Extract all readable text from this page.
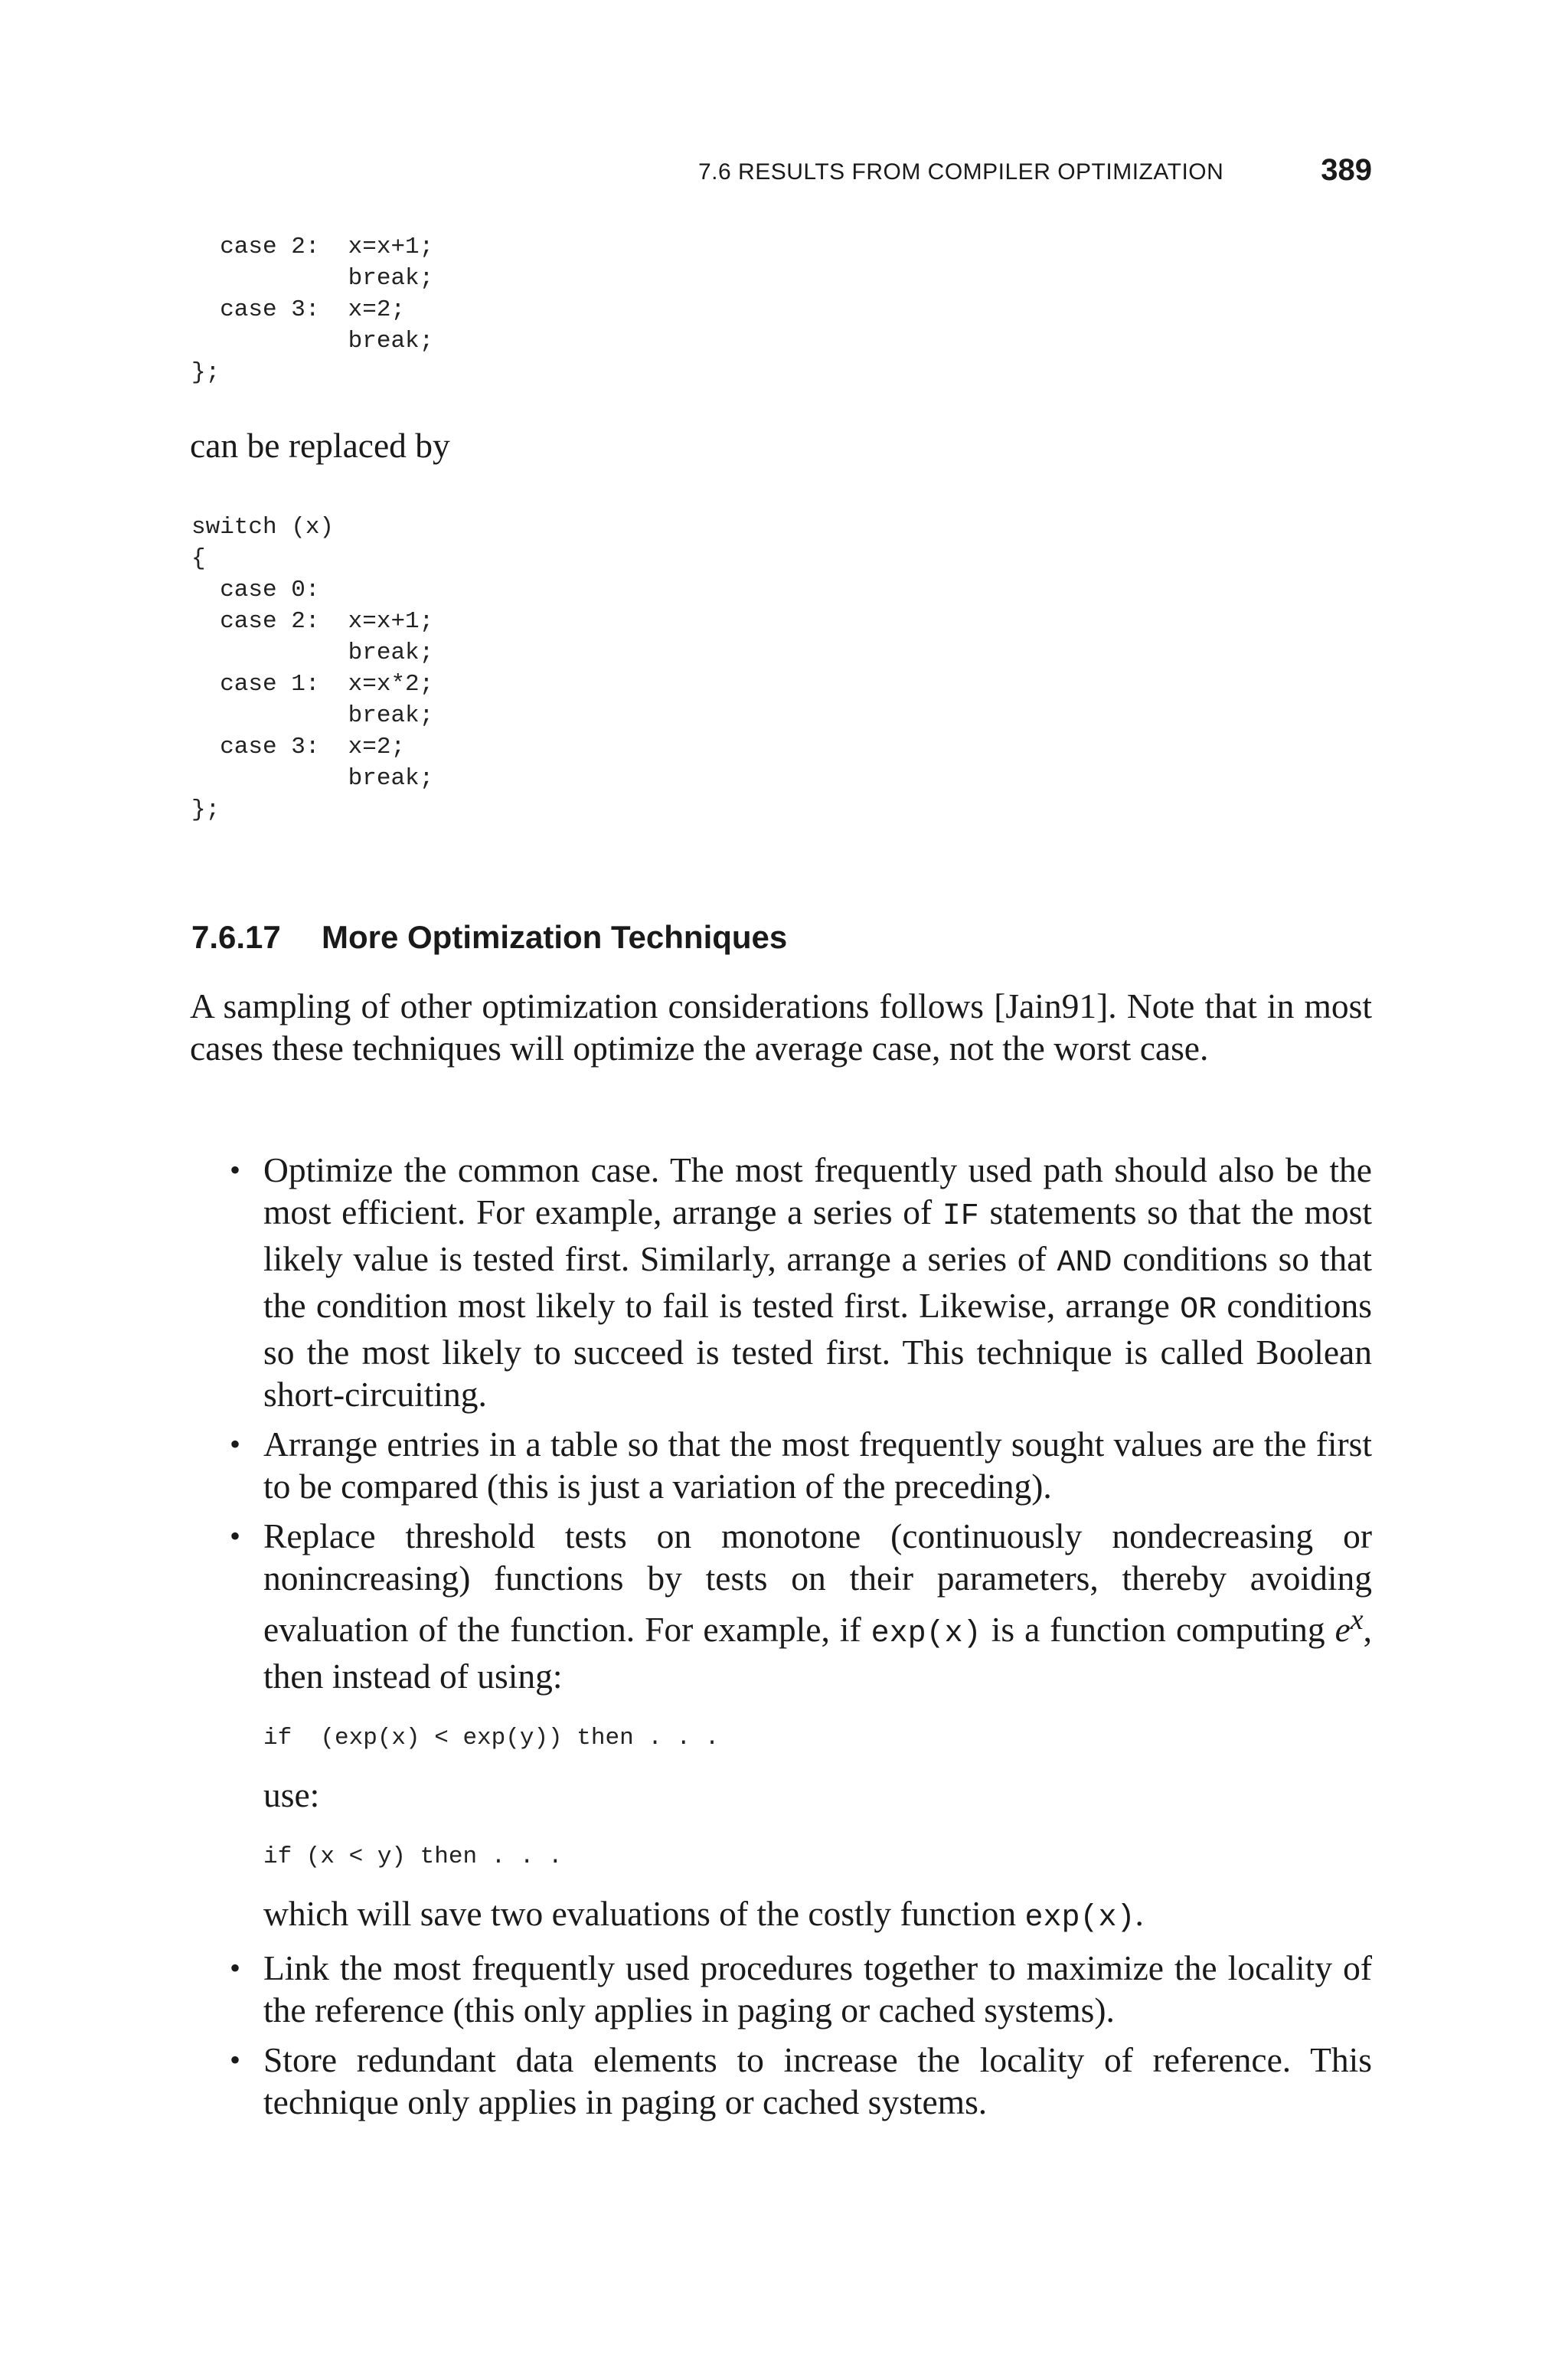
7.6 RESULTS FROM COMPILER OPTIMIZATION	389
case 2:  x=x+1;
break;
case 3:  x=2;
break;
};

can be replaced by

switch (x)
{
case 0:
case 2:  x=x+1;
break;
case 1:  x=x*2;
break;
case 3:  x=2;
break;
};
7.6.17 More Optimization Techniques

A sampling of other optimization considerations follows [Jain91]. Note that in most cases these techniques will optimize the average case, not the worst case.

• Optimize the common case. The most frequently used path should also be the most efficient. For example, arrange a series of IF statements so that the most likely value is tested first. Similarly, arrange a series of AND conditions so that the condition most likely to fail is tested first. Likewise, arrange OR conditions so the most likely to succeed is tested first. This technique is called Boolean short-circuiting.
• Arrange entries in a table so that the most frequently sought values are the first to be compared (this is just a variation of the preceding).
• Replace threshold tests on monotone (continuously nondecreasing or nonincreasing) functions by tests on their parameters, thereby avoiding evaluation of the function. For example, if exp(x) is a function computing $e^x$, then instead of using:
if  (exp(x) < exp(y)) then . . .
use:
if (x < y) then . . .
which will save two evaluations of the costly function exp(x).
• Link the most frequently used procedures together to maximize the locality of the reference (this only applies in paging or cached systems).
• Store redundant data elements to increase the locality of reference. This technique only applies in paging or cached systems.
